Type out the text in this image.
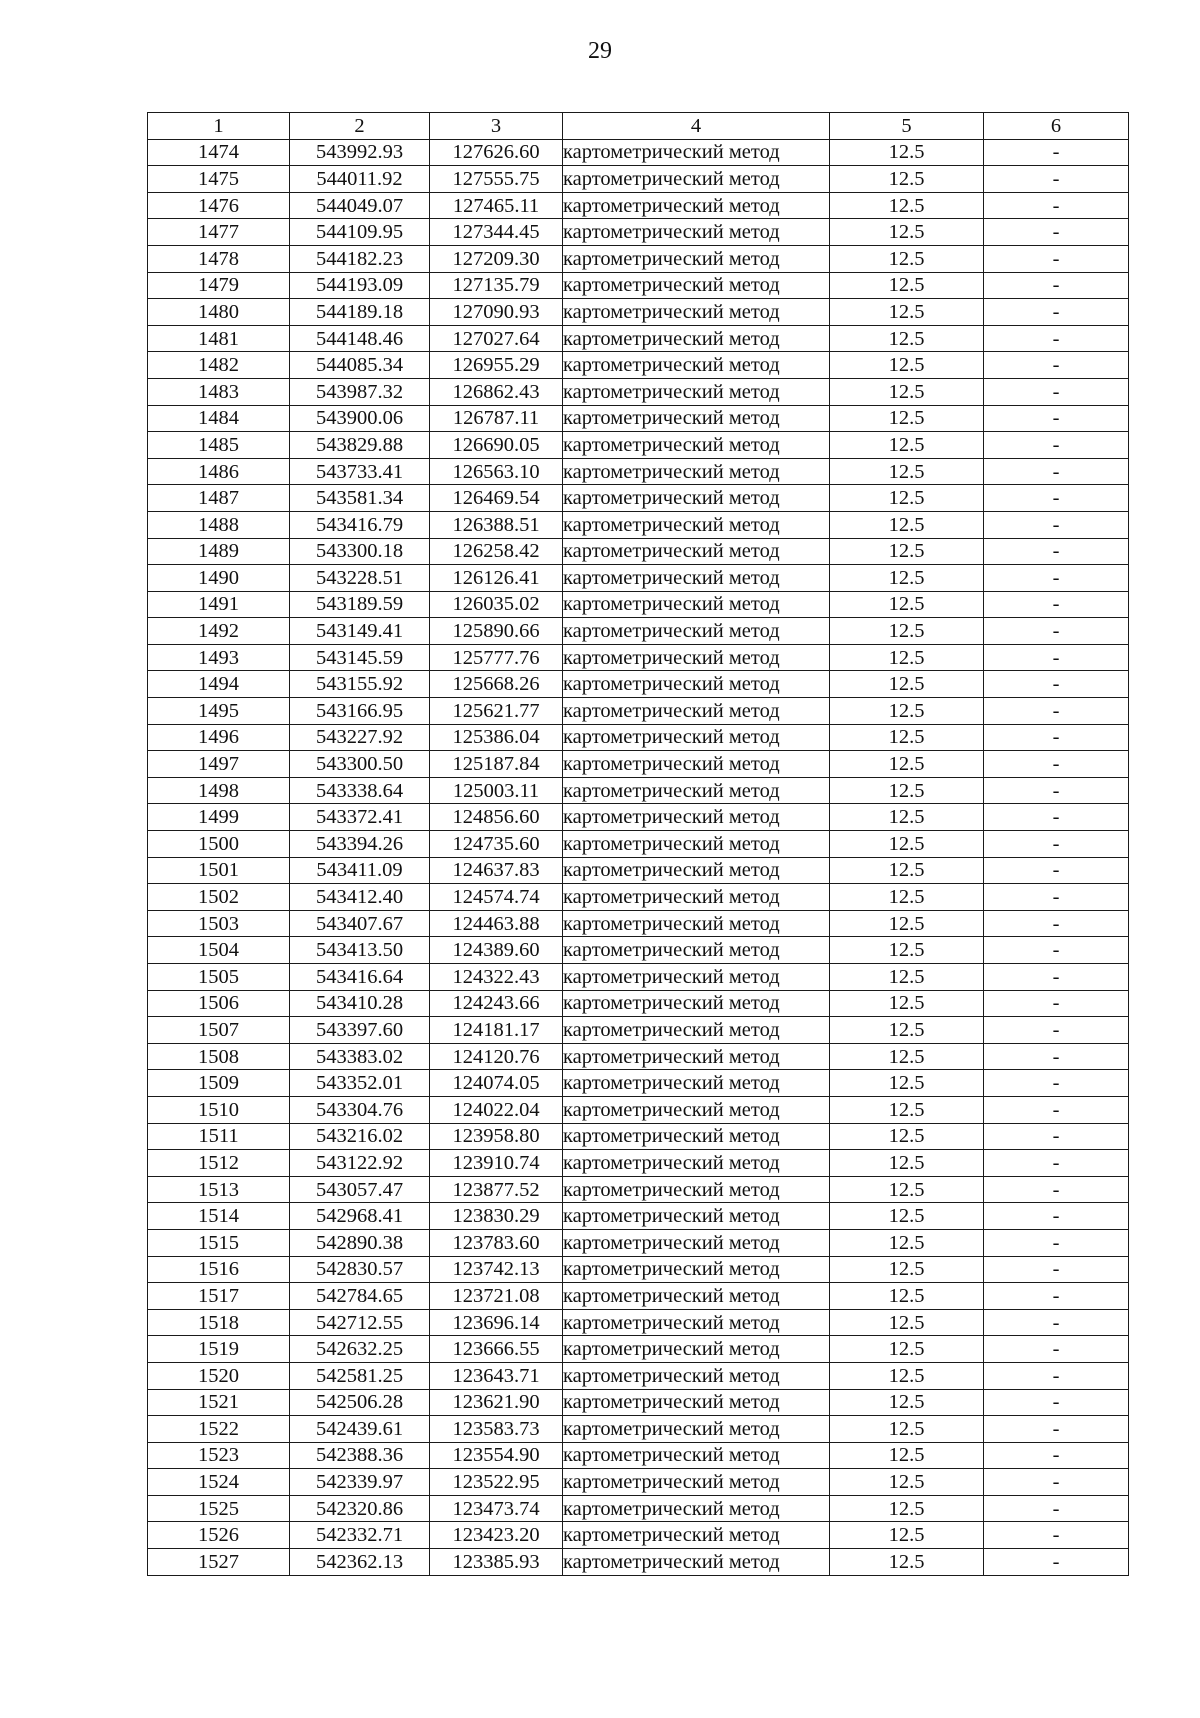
29
1	2	3	4	5	6
1474	543992.93	127626.60	картометрический метод	12.5	-
1475	544011.92	127555.75	картометрический метод	12.5	-
1476	544049.07	127465.11	картометрический метод	12.5	-
1477	544109.95	127344.45	картометрический метод	12.5	-
1478	544182.23	127209.30	картометрический метод	12.5	-
1479	544193.09	127135.79	картометрический метод	12.5	-
1480	544189.18	127090.93	картометрический метод	12.5	-
1481	544148.46	127027.64	картометрический метод	12.5	-
1482	544085.34	126955.29	картометрический метод	12.5	-
1483	543987.32	126862.43	картометрический метод	12.5	-
1484	543900.06	126787.11	картометрический метод	12.5	-
1485	543829.88	126690.05	картометрический метод	12.5	-
1486	543733.41	126563.10	картометрический метод	12.5	-
1487	543581.34	126469.54	картометрический метод	12.5	-
1488	543416.79	126388.51	картометрический метод	12.5	-
1489	543300.18	126258.42	картометрический метод	12.5	-
1490	543228.51	126126.41	картометрический метод	12.5	-
1491	543189.59	126035.02	картометрический метод	12.5	-
1492	543149.41	125890.66	картометрический метод	12.5	-
1493	543145.59	125777.76	картометрический метод	12.5	-
1494	543155.92	125668.26	картометрический метод	12.5	-
1495	543166.95	125621.77	картометрический метод	12.5	-
1496	543227.92	125386.04	картометрический метод	12.5	-
1497	543300.50	125187.84	картометрический метод	12.5	-
1498	543338.64	125003.11	картометрический метод	12.5	-
1499	543372.41	124856.60	картометрический метод	12.5	-
1500	543394.26	124735.60	картометрический метод	12.5	-
1501	543411.09	124637.83	картометрический метод	12.5	-
1502	543412.40	124574.74	картометрический метод	12.5	-
1503	543407.67	124463.88	картометрический метод	12.5	-
1504	543413.50	124389.60	картометрический метод	12.5	-
1505	543416.64	124322.43	картометрический метод	12.5	-
1506	543410.28	124243.66	картометрический метод	12.5	-
1507	543397.60	124181.17	картометрический метод	12.5	-
1508	543383.02	124120.76	картометрический метод	12.5	-
1509	543352.01	124074.05	картометрический метод	12.5	-
1510	543304.76	124022.04	картометрический метод	12.5	-
1511	543216.02	123958.80	картометрический метод	12.5	-
1512	543122.92	123910.74	картометрический метод	12.5	-
1513	543057.47	123877.52	картометрический метод	12.5	-
1514	542968.41	123830.29	картометрический метод	12.5	-
1515	542890.38	123783.60	картометрический метод	12.5	-
1516	542830.57	123742.13	картометрический метод	12.5	-
1517	542784.65	123721.08	картометрический метод	12.5	-
1518	542712.55	123696.14	картометрический метод	12.5	-
1519	542632.25	123666.55	картометрический метод	12.5	-
1520	542581.25	123643.71	картометрический метод	12.5	-
1521	542506.28	123621.90	картометрический метод	12.5	-
1522	542439.61	123583.73	картометрический метод	12.5	-
1523	542388.36	123554.90	картометрический метод	12.5	-
1524	542339.97	123522.95	картометрический метод	12.5	-
1525	542320.86	123473.74	картометрический метод	12.5	-
1526	542332.71	123423.20	картометрический метод	12.5	-
1527	542362.13	123385.93	картометрический метод	12.5	-
